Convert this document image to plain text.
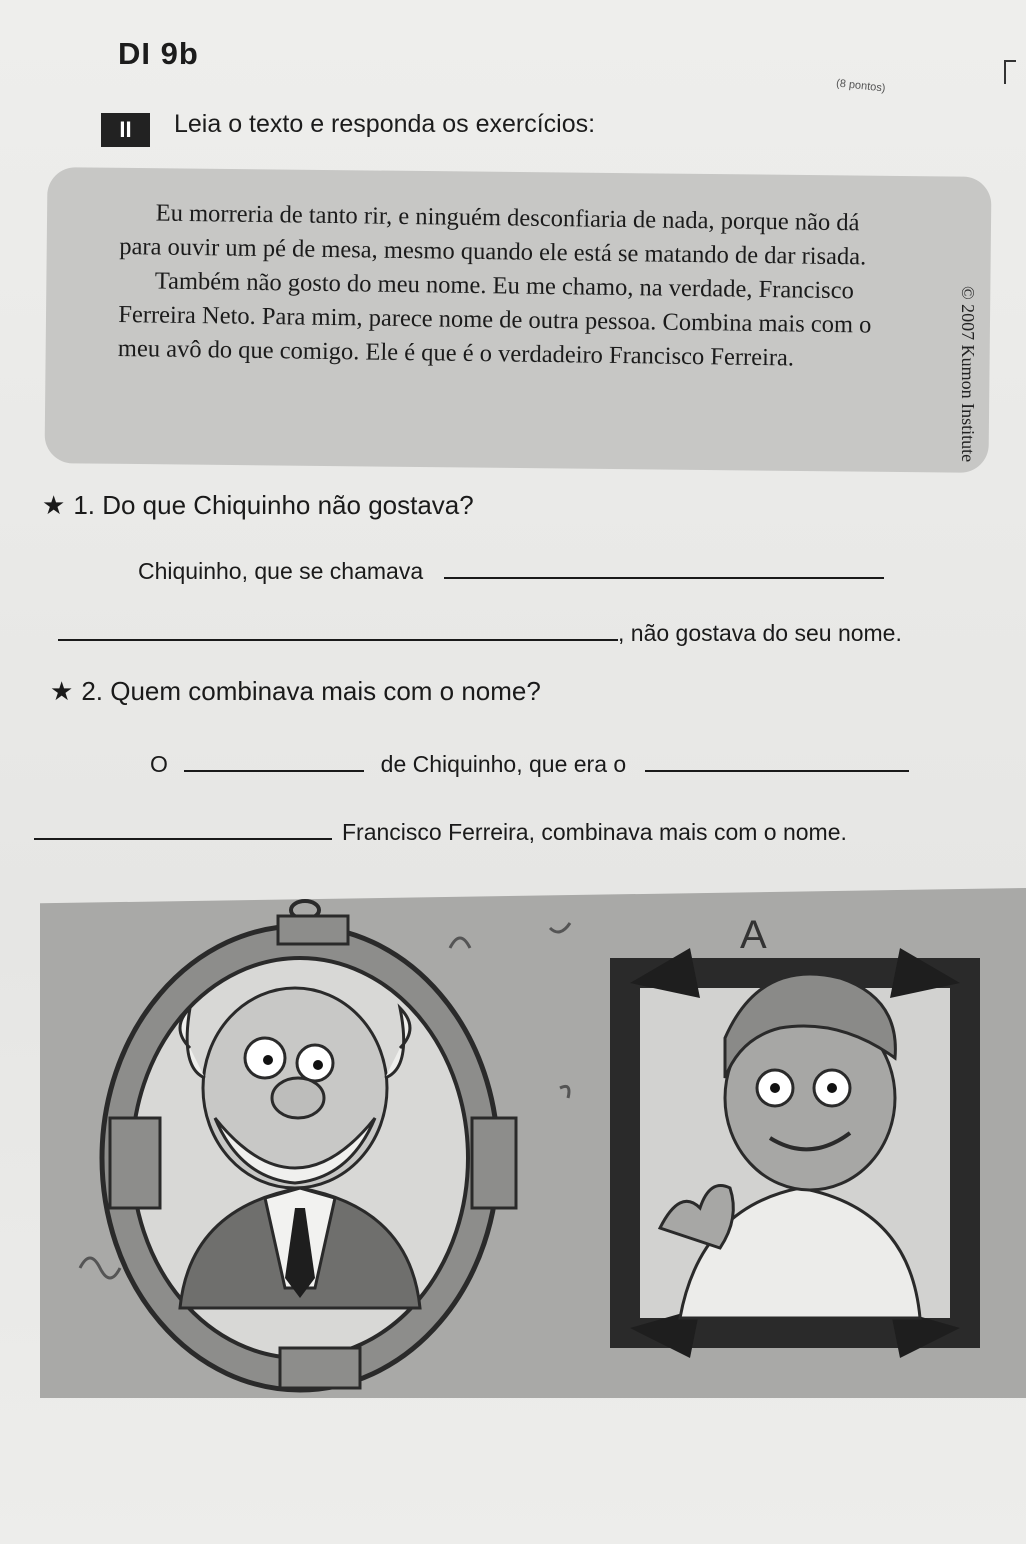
DI 9b
(8 pontos)
II	Leia o texto e responda os exercícios:

Eu morreria de tanto rir, e ninguém desconfiaria de nada, porque não dá para ouvir um pé de mesa, mesmo quando ele está se matando de dar risada.

Também não gosto do meu nome. Eu me chamo, na verdade, Francisco Ferreira Neto. Para mim, parece nome de outra pessoa. Combina mais com o meu avô do que comigo. Ele é que é o verdadeiro Francisco Ferreira.	© 2007 Kumon Institute
★ 1. Do que Chiquinho não gostava?
Chiquinho, que se chamava
, não gostava do seu nome.
★ 2. Quem combinava mais com o nome?
O	de Chiquinho, que era o
Francisco Ferreira, combinava mais com o nome.
A
